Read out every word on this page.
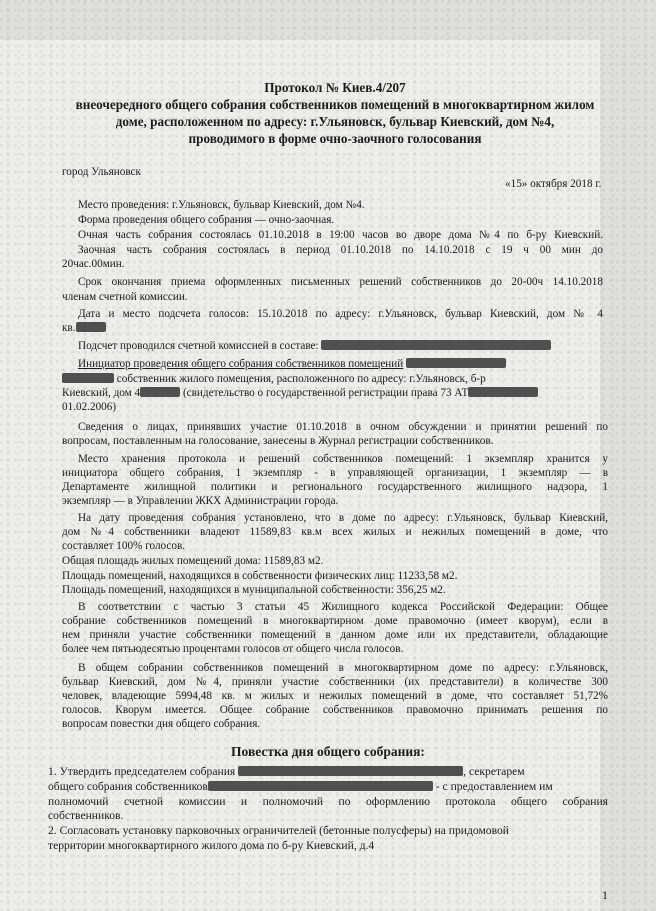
Протокол № Киев.4/207
внеочередного общего собрания собственников помещений в многоквартирном жилом
доме, расположенном по адресу: г.Ульяновск, бульвар Киевский, дом №4,
проводимого в форме очно-заочного голосования
город Ульяновск
«15» октября 2018 г.
Место проведения: г.Ульяновск, бульвар Киевский, дом №4.
Форма проведения общего собрания — очно-заочная.
Очная часть собрания состоялась 01.10.2018 в 19:00 часов во дворе дома №4 по б-ру Киевский.
Заочная часть собрания состоялась в период 01.10.2018 по 14.10.2018 с 19 ч 00 мин до
20час.00мин.
Срок окончания приема оформленных письменных решений собственников до 20-00ч 14.10.2018
членам счетной комиссии.
Дата и место подсчета голосов: 15.10.2018 по адресу: г.Ульяновск, бульвар Киевский, дом № 4
кв.
Подсчет проводился счетной комиссией в составе:
Инициатор проведения общего собрания собственников помещений
собственник жилого помещения, расположенного по адресу: г.Ульяновск, б-р
Киевский, дом 4	(свидетельство о государственной регистрации права 73 АТ
01.02.2006)
Сведения о лицах, принявших участие 01.10.2018 в очном обсуждении и принятии решений по
вопросам, поставленным на голосование, занесены в Журнал регистрации собственников.
Место хранения протокола и решений собственников помещений: 1 экземпляр хранится у
инициатора общего собрания, 1 экземпляр - в управляющей организации, 1 экземпляр — в
Департаменте жилищной политики и регионального государственного жилищного надзора, 1
экземпляр — в Управлении ЖКХ Администрации города.
На дату проведения собрания установлено, что в доме по адресу: г.Ульяновск, бульвар Киевский,
дом №4 собственники владеют 11589,83 кв.м всех жилых и нежилых помещений в доме, что
составляет 100% голосов.
Общая площадь жилых помещений дома: 11589,83 м2.
Площадь помещений, находящихся в собственности физических лиц: 11233,58 м2.
Площадь помещений, находящихся в муниципальной собственности: 356,25 м2.
В соответствии с частью 3 статьи 45 Жилищного кодекса Российской Федерации: Общее
собрание собственников помещений в многоквартирном доме правомочно (имеет кворум), если в
нем приняли участие собственники помещений в данном доме или их представители, обладающие
более чем пятьюдесятью процентами голосов от общего числа голосов.
В общем собрании собственников помещений в многоквартирном доме по адресу: г.Ульяновск,
бульвар Киевский, дом №4, приняли участие собственники (их представители) в количестве 300
человек, владеющие 5994,48 кв. м жилых и нежилых помещений в доме, что составляет 51,72%
голосов. Кворум имеется. Общее собрание собственников правомочно принимать решения по
вопросам повестки дня общего собрания.
Повестка дня общего собрания:
1. Утвердить председателем собрания	, секретарем
общего собрания собственников	- с предоставлением им
полномочий счетной комиссии и полномочий по оформлению протокола общего собрания
собственников.
2. Согласовать установку парковочных ограничителей (бетонные полусферы) на придомовой
территории многоквартирного жилого дома по б-ру Киевский, д.4
1
